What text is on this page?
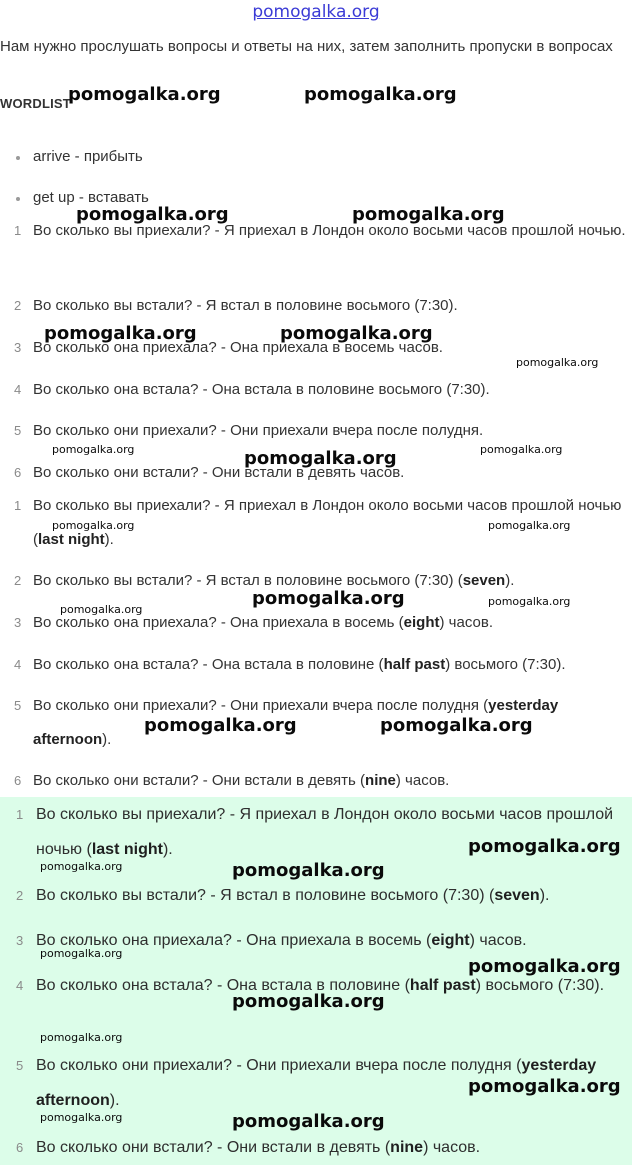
pomogalka.org
Нам нужно прослушать вопросы и ответы на них, затем заполнить пропуски в вопросах
WORDLIST
arrive - прибыть
get up - вставать
1 Во сколько вы приехали? - Я приехал в Лондон около восьми часов прошлой ночью.
2 Во сколько вы встали? - Я встал в половине восьмого (7:30).
3 Во сколько она приехала? - Она приехала в восемь часов.
4 Во сколько она встала? - Она встала в половине восьмого (7:30).
5 Во сколько они приехали? - Они приехали вчера после полудня.
6 Во сколько они встали? - Они встали в девять часов.
1 Во сколько вы приехали? - Я приехал в Лондон около восьми часов прошлой ночью (last night).
2 Во сколько вы встали? - Я встал в половине восьмого (7:30) (seven).
3 Во сколько она приехала? - Она приехала в восемь (eight) часов.
4 Во сколько она встала? - Она встала в половине (half past) восьмого (7:30).
5 Во сколько они приехали? - Они приехали вчера после полудня (yesterday afternoon).
6 Во сколько они встали? - Они встали в девять (nine) часов.
1 Во сколько вы приехали? - Я приехал в Лондон около восьми часов прошлой ночью (last night).
2 Во сколько вы встали? - Я встал в половине восьмого (7:30) (seven).
3 Во сколько она приехала? - Она приехала в восемь (eight) часов.
4 Во сколько она встала? - Она встала в половине (half past) восьмого (7:30).
5 Во сколько они приехали? - Они приехали вчера после полудня (yesterday afternoon).
6 Во сколько они встали? - Они встали в девять (nine) часов.
pomogalka.org	pomogalka.org
pomogalka.org	pomogalka.org
pomogalka.org	pomogalka.org
pomogalka.org
pomogalka.org	pomogalka.org	pomogalka.org
pomogalka.org	pomogalka.org
pomogalka.org
pomogalka.org	pomogalka.org
pomogalka.org	pomogalka.org
pomogalka.org
pomogalka.org	pomogalka.org
pomogalka.org
pomogalka.org
pomogalka.org
pomogalka.org
pomogalka.org
pomogalka.org	pomogalka.org
